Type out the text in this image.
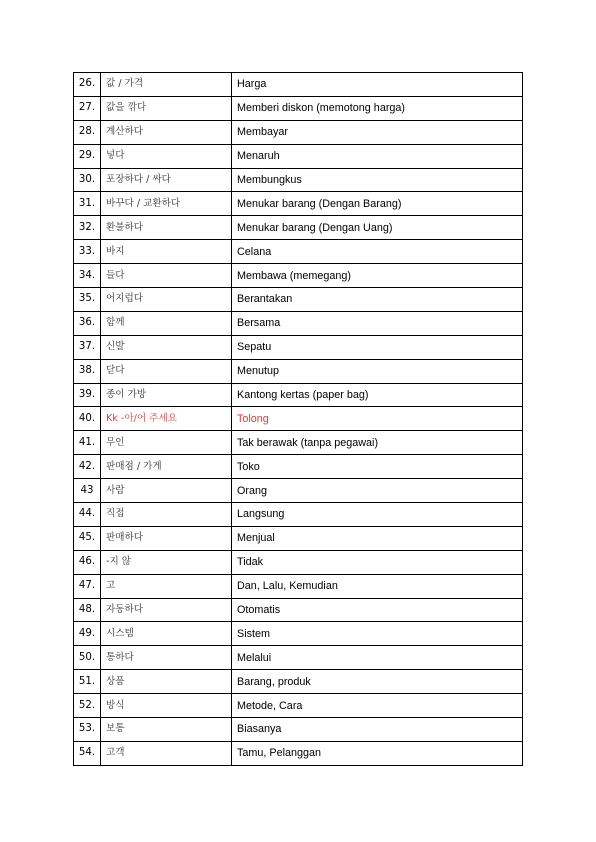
26.	값 / 가격	Harga
27.	값을 깎다	Memberi diskon (memotong harga)
28.	계산하다	Membayar
29.	넣다	Menaruh
30.	포장하다 / 싸다	Membungkus
31.	바꾸다 / 교환하다	Menukar barang (Dengan Barang)
32.	환불하다	Menukar barang (Dengan Uang)
33.	바지	Celana
34.	들다	Membawa (memegang)
35.	어지럽다	Berantakan
36.	함께	Bersama
37.	신발	Sepatu
38.	닫다	Menutup
39.	종이 가방	Kantong kertas (paper bag)
40.	Kk -아/어 주세요	Tolong
41.	무인	Tak berawak (tanpa pegawai)
42.	판매점 / 가게	Toko
43	사람	Orang
44.	직접	Langsung
45.	판매하다	Menjual
46.	-지 않	Tidak
47.	고	Dan, Lalu, Kemudian
48.	자동하다	Otomatis
49.	시스템	Sistem
50.	통하다	Melalui
51.	상품	Barang, produk
52.	방식	Metode, Cara
53.	보통	Biasanya
54.	고객	Tamu, Pelanggan
